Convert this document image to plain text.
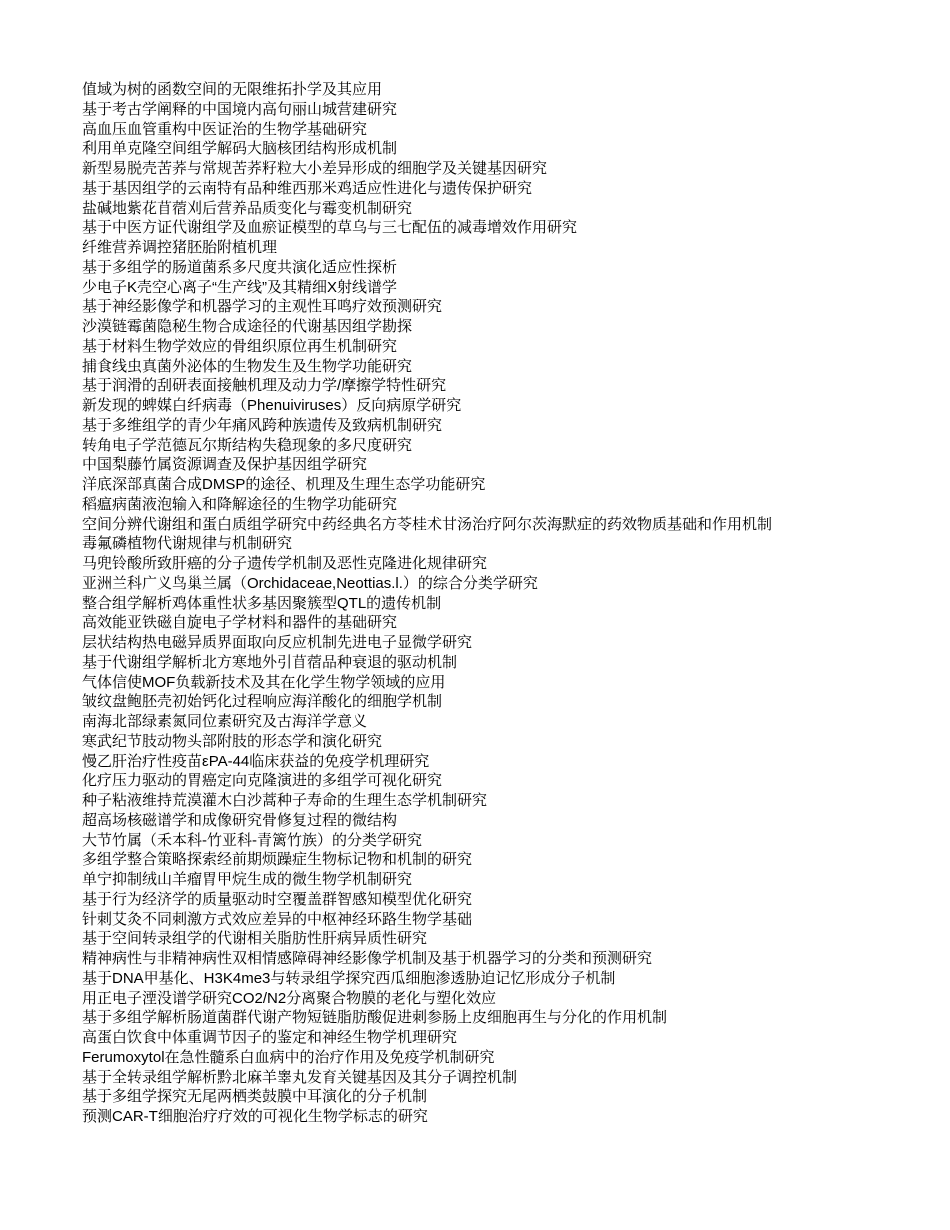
值域为树的函数空间的无限维拓扑学及其应用
基于考古学阐释的中国境内高句丽山城营建研究
高血压血管重构中医证治的生物学基础研究
利用单克隆空间组学解码大脑核团结构形成机制
新型易脱壳苦荞与常规苦荞籽粒大小差异形成的细胞学及关键基因研究
基于基因组学的云南特有品种维西那米鸡适应性进化与遗传保护研究
盐碱地紫花苜蓿刈后营养品质变化与霉变机制研究
基于中医方证代谢组学及血瘀证模型的草乌与三七配伍的减毒增效作用研究
纤维营养调控猪胚胎附植机理
基于多组学的肠道菌系多尺度共演化适应性探析
少电子K壳空心离子“生产线”及其精细X射线谱学
基于神经影像学和机器学习的主观性耳鸣疗效预测研究
沙漠链霉菌隐秘生物合成途径的代谢基因组学勘探
基于材料生物学效应的骨组织原位再生机制研究
捕食线虫真菌外泌体的生物发生及生物学功能研究
基于润滑的刮研表面接触机理及动力学/摩擦学特性研究
新发现的蜱媒白纤病毒（Phenuiviruses）反向病原学研究
基于多维组学的青少年痛风跨种族遗传及致病机制研究
转角电子学范德瓦尔斯结构失稳现象的多尺度研究
中国梨藤竹属资源调查及保护基因组学研究
洋底深部真菌合成DMSP的途径、机理及生理生态学功能研究
稻瘟病菌液泡输入和降解途径的生物学功能研究
空间分辨代谢组和蛋白质组学研究中药经典名方苓桂术甘汤治疗阿尔茨海默症的药效物质基础和作用机制
毒氟磷植物代谢规律与机制研究
马兜铃酸所致肝癌的分子遗传学机制及恶性克隆进化规律研究
亚洲兰科广义鸟巢兰属（Orchidaceae,Neottias.l.）的综合分类学研究
整合组学解析鸡体重性状多基因聚簇型QTL的遗传机制
高效能亚铁磁自旋电子学材料和器件的基础研究
层状结构热电磁异质界面取向反应机制先进电子显微学研究
基于代谢组学解析北方寒地外引苜蓿品种衰退的驱动机制
气体信使MOF负载新技术及其在化学生物学领域的应用
皱纹盘鲍胚壳初始钙化过程响应海洋酸化的细胞学机制
南海北部绿素氮同位素研究及古海洋学意义
寒武纪节肢动物头部附肢的形态学和演化研究
慢乙肝治疗性疫苗εPA-44临床获益的免疫学机理研究
化疗压力驱动的胃癌定向克隆演进的多组学可视化研究
种子粘液维持荒漠灌木白沙蒿种子寿命的生理生态学机制研究
超高场核磁谱学和成像研究骨修复过程的微结构
大节竹属（禾本科-竹亚科-青篱竹族）的分类学研究
多组学整合策略探索经前期烦躁症生物标记物和机制的研究
单宁抑制绒山羊瘤胃甲烷生成的微生物学机制研究
基于行为经济学的质量驱动时空覆盖群智感知模型优化研究
针刺艾灸不同刺激方式效应差异的中枢神经环路生物学基础
基于空间转录组学的代谢相关脂肪性肝病异质性研究
精神病性与非精神病性双相情感障碍神经影像学机制及基于机器学习的分类和预测研究
基于DNA甲基化、H3K4me3与转录组学探究西瓜细胞渗透胁迫记忆形成分子机制
用正电子湮没谱学研究CO2/N2分离聚合物膜的老化与塑化效应
基于多组学解析肠道菌群代谢产物短链脂肪酸促进刺参肠上皮细胞再生与分化的作用机制
高蛋白饮食中体重调节因子的鉴定和神经生物学机理研究
Ferumoxytol在急性髓系白血病中的治疗作用及免疫学机制研究
基于全转录组学解析黔北麻羊睾丸发育关键基因及其分子调控机制
基于多组学探究无尾两栖类鼓膜中耳演化的分子机制
预测CAR-T细胞治疗疗效的可视化生物学标志的研究
